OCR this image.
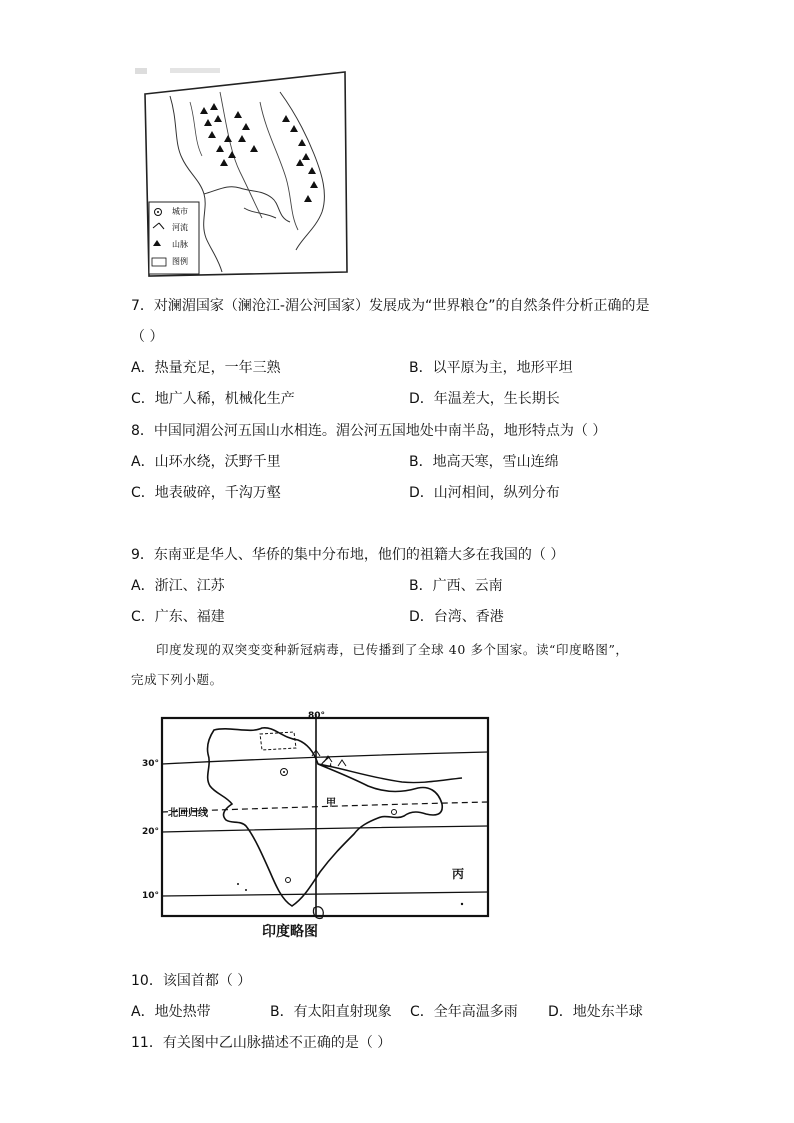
城市
河流
山脉
图例
7．对澜湄国家（澜沧江-湄公河国家）发展成为“世界粮仓”的自然条件分析正确的是
（ ）
A．热量充足，一年三熟	B．以平原为主，地形平坦
C．地广人稀，机械化生产	D．年温差大，生长期长
8．中国同湄公河五国山水相连。湄公河五国地处中南半岛，地形特点为（ ）
A．山环水绕，沃野千里	B．地高天寒，雪山连绵
C．地表破碎，千沟万壑	D．山河相间，纵列分布
9．东南亚是华人、华侨的集中分布地，他们的祖籍大多在我国的（ ）
A．浙江、江苏	B．广西、云南
C．广东、福建	D．台湾、香港
印度发现的双突变变种新冠病毒，已传播到了全球 40 多个国家。读“印度略图”，
完成下列小题。
80°
30°
20°
10°
北回归线
乙
甲
丙
印度略图
10．该国首都（ ）
A．地处热带	B．有太阳直射现象 C．全年高温多雨 D．地处东半球
11．有关图中乙山脉描述不正确的是（ ）
